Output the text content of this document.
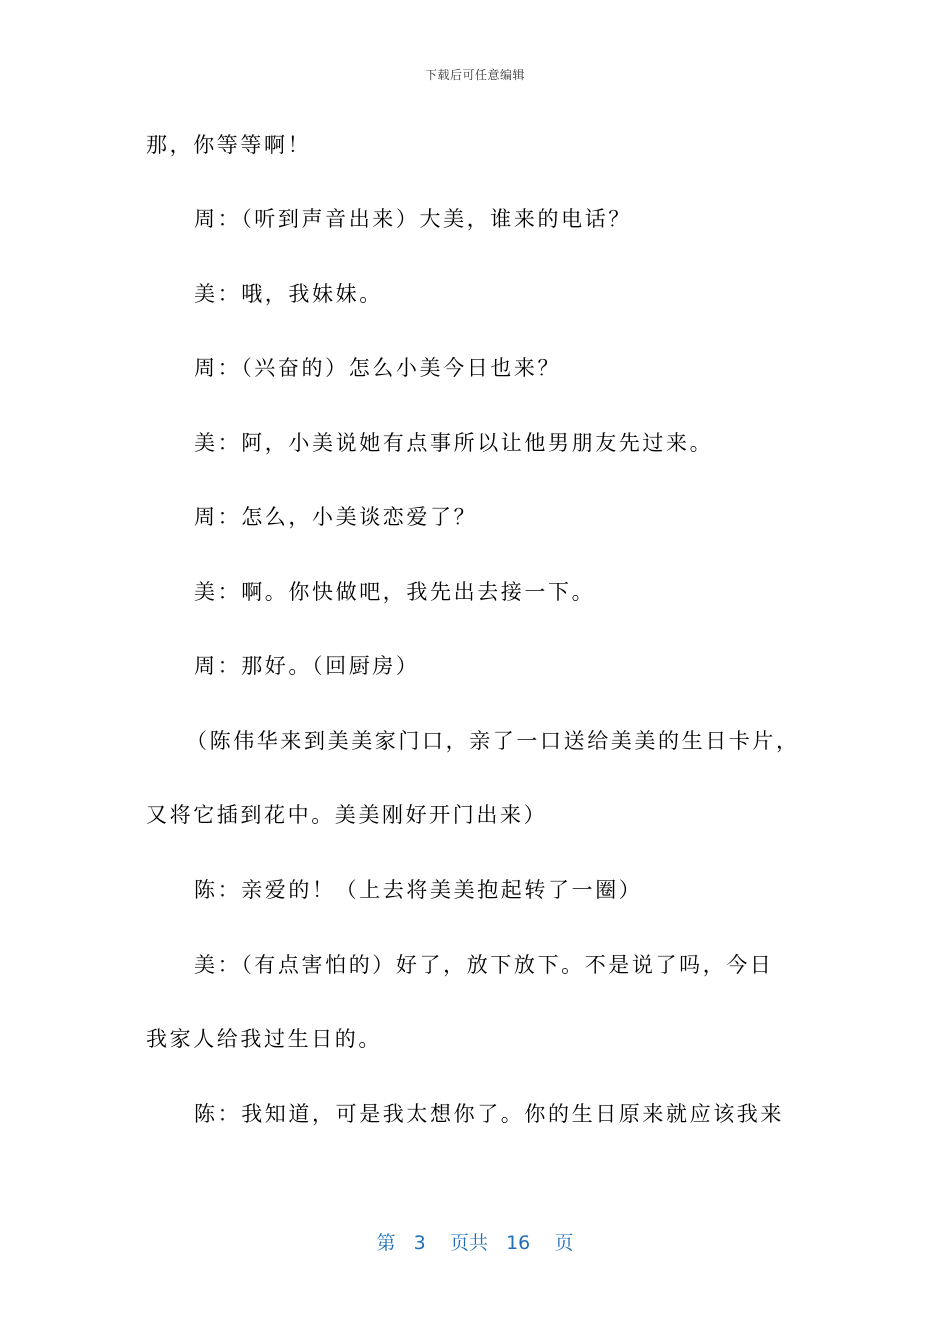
下载后可任意编辑
那，你等等啊！
周：（听到声音出来）大美，谁来的电话？
美：哦，我妹妹。
周：（兴奋的）怎么小美今日也来？
美：阿，小美说她有点事所以让他男朋友先过来。
周：怎么，小美谈恋爱了？
美：啊。你快做吧，我先出去接一下。
周：那好。（回厨房）
（陈伟华来到美美家门口，亲了一口送给美美的生日卡片，
又将它插到花中。美美刚好开门出来）
陈：亲爱的！（上去将美美抱起转了一圈）
美：（有点害怕的）好了，放下放下。不是说了吗，今日
我家人给我过生日的。
陈：我知道，可是我太想你了。你的生日原来就应该我来
第 3 页共 16 页
